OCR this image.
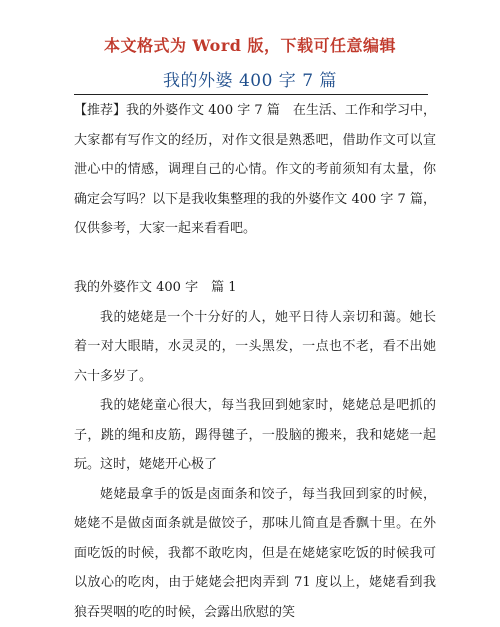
本文格式为 Word 版，下载可任意编辑
我的外婆 400 字 7 篇

【推荐】我的外婆作文 400 字 7 篇　在生活、工作和学习中，大家都有写作文的经历，对作文很是熟悉吧，借助作文可以宣泄心中的情感，调理自己的心情。作文的考前须知有太量，你确定会写吗？以下是我收集整理的我的外婆作文 400 字 7 篇，仅供参考，大家一起来看看吧。

我的外婆作文 400 字　篇 1

我的姥姥是一个十分好的人，她平日待人亲切和蔼。她长着一对大眼睛，水灵灵的，一头黑发，一点也不老，看不出她六十多岁了。

我的姥姥童心很大，每当我回到她家时，姥姥总是吧抓的子，跳的绳和皮筋，踢得毽子，一股脑的搬来，我和姥姥一起玩。这时，姥姥开心极了

姥姥最拿手的饭是卤面条和饺子，每当我回到家的时候，姥姥不是做卤面条就是做饺子，那味儿简直是香飘十里。在外面吃饭的时候，我都不敢吃肉，但是在姥姥家吃饭的时候我可以放心的吃肉，由于姥姥会把肉弄到 71 度以上，姥姥看到我狼吞哭咽的吃的时候，会露出欣慰的笑
